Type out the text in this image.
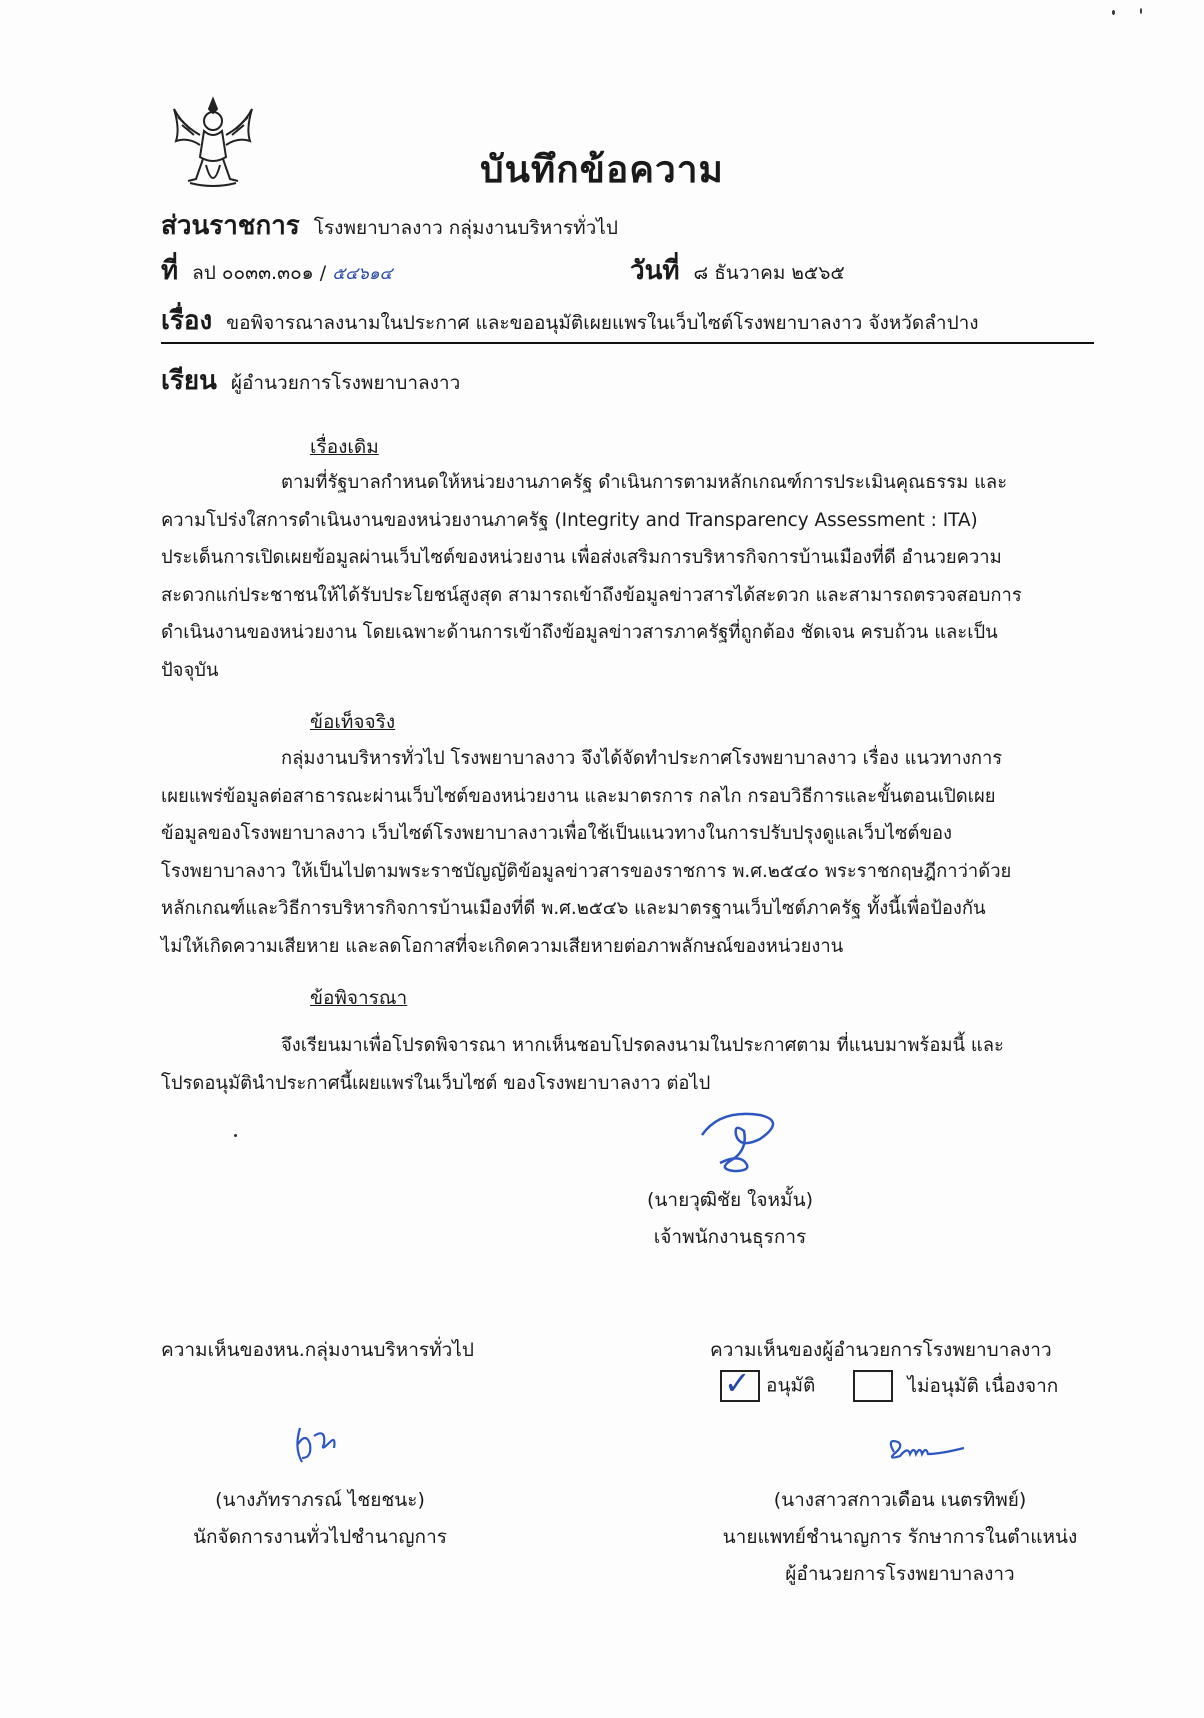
บันทึกข้อความ
ส่วนราชการ โรงพยาบาลงาว กลุ่มงานบริหารทั่วไป
ที่ ลป ๐๐๓๓.๓๐๑ / ๕๔๖๑๔	วันที่ ๘ ธันวาคม ๒๕๖๕
เรื่อง ขอพิจารณาลงนามในประกาศ และขออนุมัติเผยแพรในเว็บไซต์โรงพยาบาลงาว จังหวัดลำปาง
เรียน ผู้อำนวยการโรงพยาบาลงาว
เรื่องเดิม
ตามที่รัฐบาลกำหนดให้หน่วยงานภาครัฐ ดำเนินการตามหลักเกณฑ์การประเมินคุณธรรม และ
ความโปร่งใสการดำเนินงานของหน่วยงานภาครัฐ (Integrity and Transparency Assessment : ITA)
ประเด็นการเปิดเผยข้อมูลผ่านเว็บไซต์ของหน่วยงาน เพื่อส่งเสริมการบริหารกิจการบ้านเมืองที่ดี อำนวยความ
สะดวกแก่ประชาชนให้ได้รับประโยชน์สูงสุด สามารถเข้าถึงข้อมูลข่าวสารได้สะดวก และสามารถตรวจสอบการ
ดำเนินงานของหน่วยงาน โดยเฉพาะด้านการเข้าถึงข้อมูลข่าวสารภาครัฐที่ถูกต้อง ชัดเจน ครบถ้วน และเป็น
ปัจจุบัน
ข้อเท็จจริง
กลุ่มงานบริหารทั่วไป โรงพยาบาลงาว จึงได้จัดทำประกาศโรงพยาบาลงาว เรื่อง แนวทางการ
เผยแพร่ข้อมูลต่อสาธารณะผ่านเว็บไซต์ของหน่วยงาน และมาตรการ กลไก กรอบวิธีการและขั้นตอนเปิดเผย
ข้อมูลของโรงพยาบาลงาว เว็บไซต์โรงพยาบาลงาวเพื่อใช้เป็นแนวทางในการปรับปรุงดูแลเว็บไซต์ของ
โรงพยาบาลงาว ให้เป็นไปตามพระราชบัญญัติข้อมูลข่าวสารของราชการ พ.ศ.๒๕๔๐ พระราชกฤษฎีกาว่าด้วย
หลักเกณฑ์และวิธีการบริหารกิจการบ้านเมืองที่ดี พ.ศ.๒๕๔๖ และมาตรฐานเว็บไซต์ภาครัฐ ทั้งนี้เพื่อป้องกัน
ไม่ให้เกิดความเสียหาย และลดโอกาสที่จะเกิดความเสียหายต่อภาพลักษณ์ของหน่วยงาน
ข้อพิจารณา
จึงเรียนมาเพื่อโปรดพิจารณา หากเห็นชอบโปรดลงนามในประกาศตาม ที่แนบมาพร้อมนี้ และ
โปรดอนุมัตินำประกาศนี้เผยแพร่ในเว็บไซต์ ของโรงพยาบาลงาว ต่อไป
(นายวุฒิชัย ใจหมั้น)
เจ้าพนักงานธุรการ
ความเห็นของหน.กลุ่มงานบริหารทั่วไป
(นางภัทราภรณ์ ไชยชนะ)
นักจัดการงานทั่วไปชำนาญการ
ความเห็นของผู้อำนวยการโรงพยาบาลงาว
✓ อนุมัติ	ไม่อนุมัติ เนื่องจาก
(นางสาวสกาวเดือน เนตรทิพย์)
นายแพทย์ชำนาญการ รักษาการในตำแหน่ง
ผู้อำนวยการโรงพยาบาลงาว
